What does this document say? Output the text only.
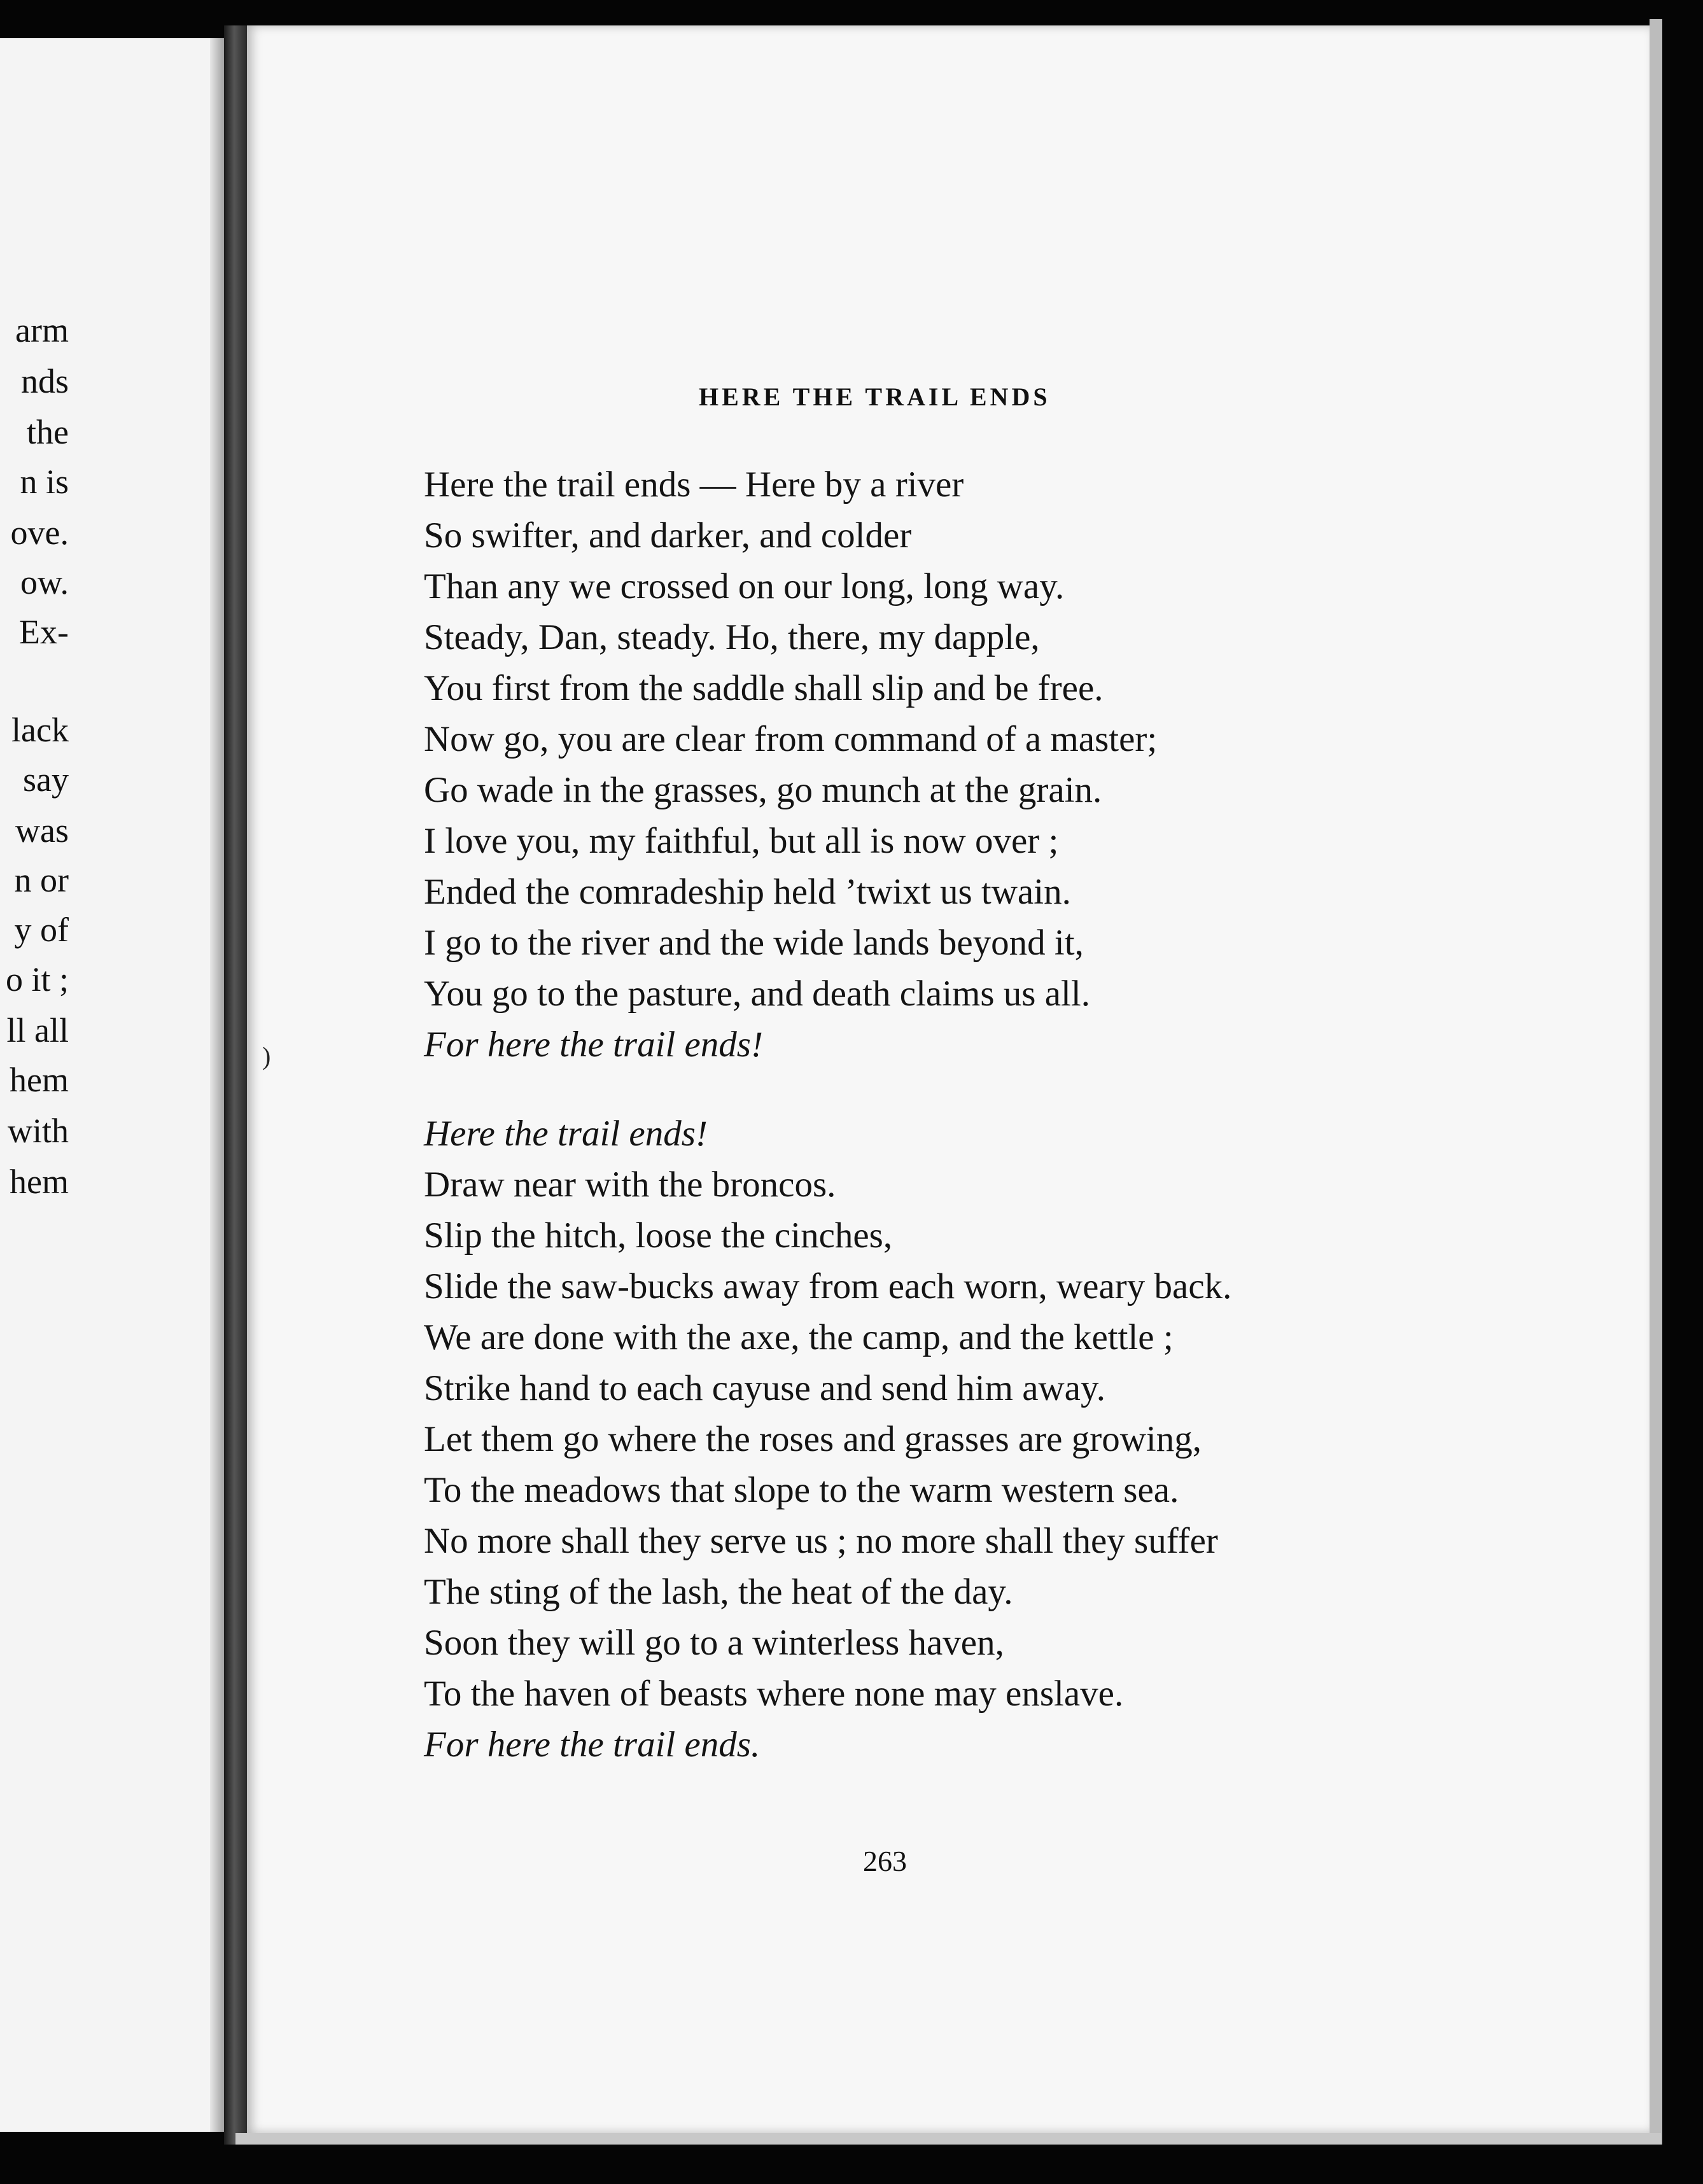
arm
nds
the
n is
ove.
ow.
Ex-
lack
say
was
n or
y of
o it ;
ll all
hem
with
hem
)
HERE THE TRAIL ENDS
Here the trail ends — Here by a river
So swifter, and darker, and colder
Than any we crossed on our long, long way.
Steady, Dan, steady. Ho, there, my dapple,
You first from the saddle shall slip and be free.
Now go, you are clear from command of a master;
Go wade in the grasses, go munch at the grain.
I love you, my faithful, but all is now over ;
Ended the comradeship held ’twixt us twain.
I go to the river and the wide lands beyond it,
You go to the pasture, and death claims us all.
For here the trail ends!
Here the trail ends!
Draw near with the broncos.
Slip the hitch, loose the cinches,
Slide the saw-bucks away from each worn, weary back.
We are done with the axe, the camp, and the kettle ;
Strike hand to each cayuse and send him away.
Let them go where the roses and grasses are growing,
To the meadows that slope to the warm western sea.
No more shall they serve us ; no more shall they suffer
The sting of the lash, the heat of the day.
Soon they will go to a winterless haven,
To the haven of beasts where none may enslave.
For here the trail ends.
263
